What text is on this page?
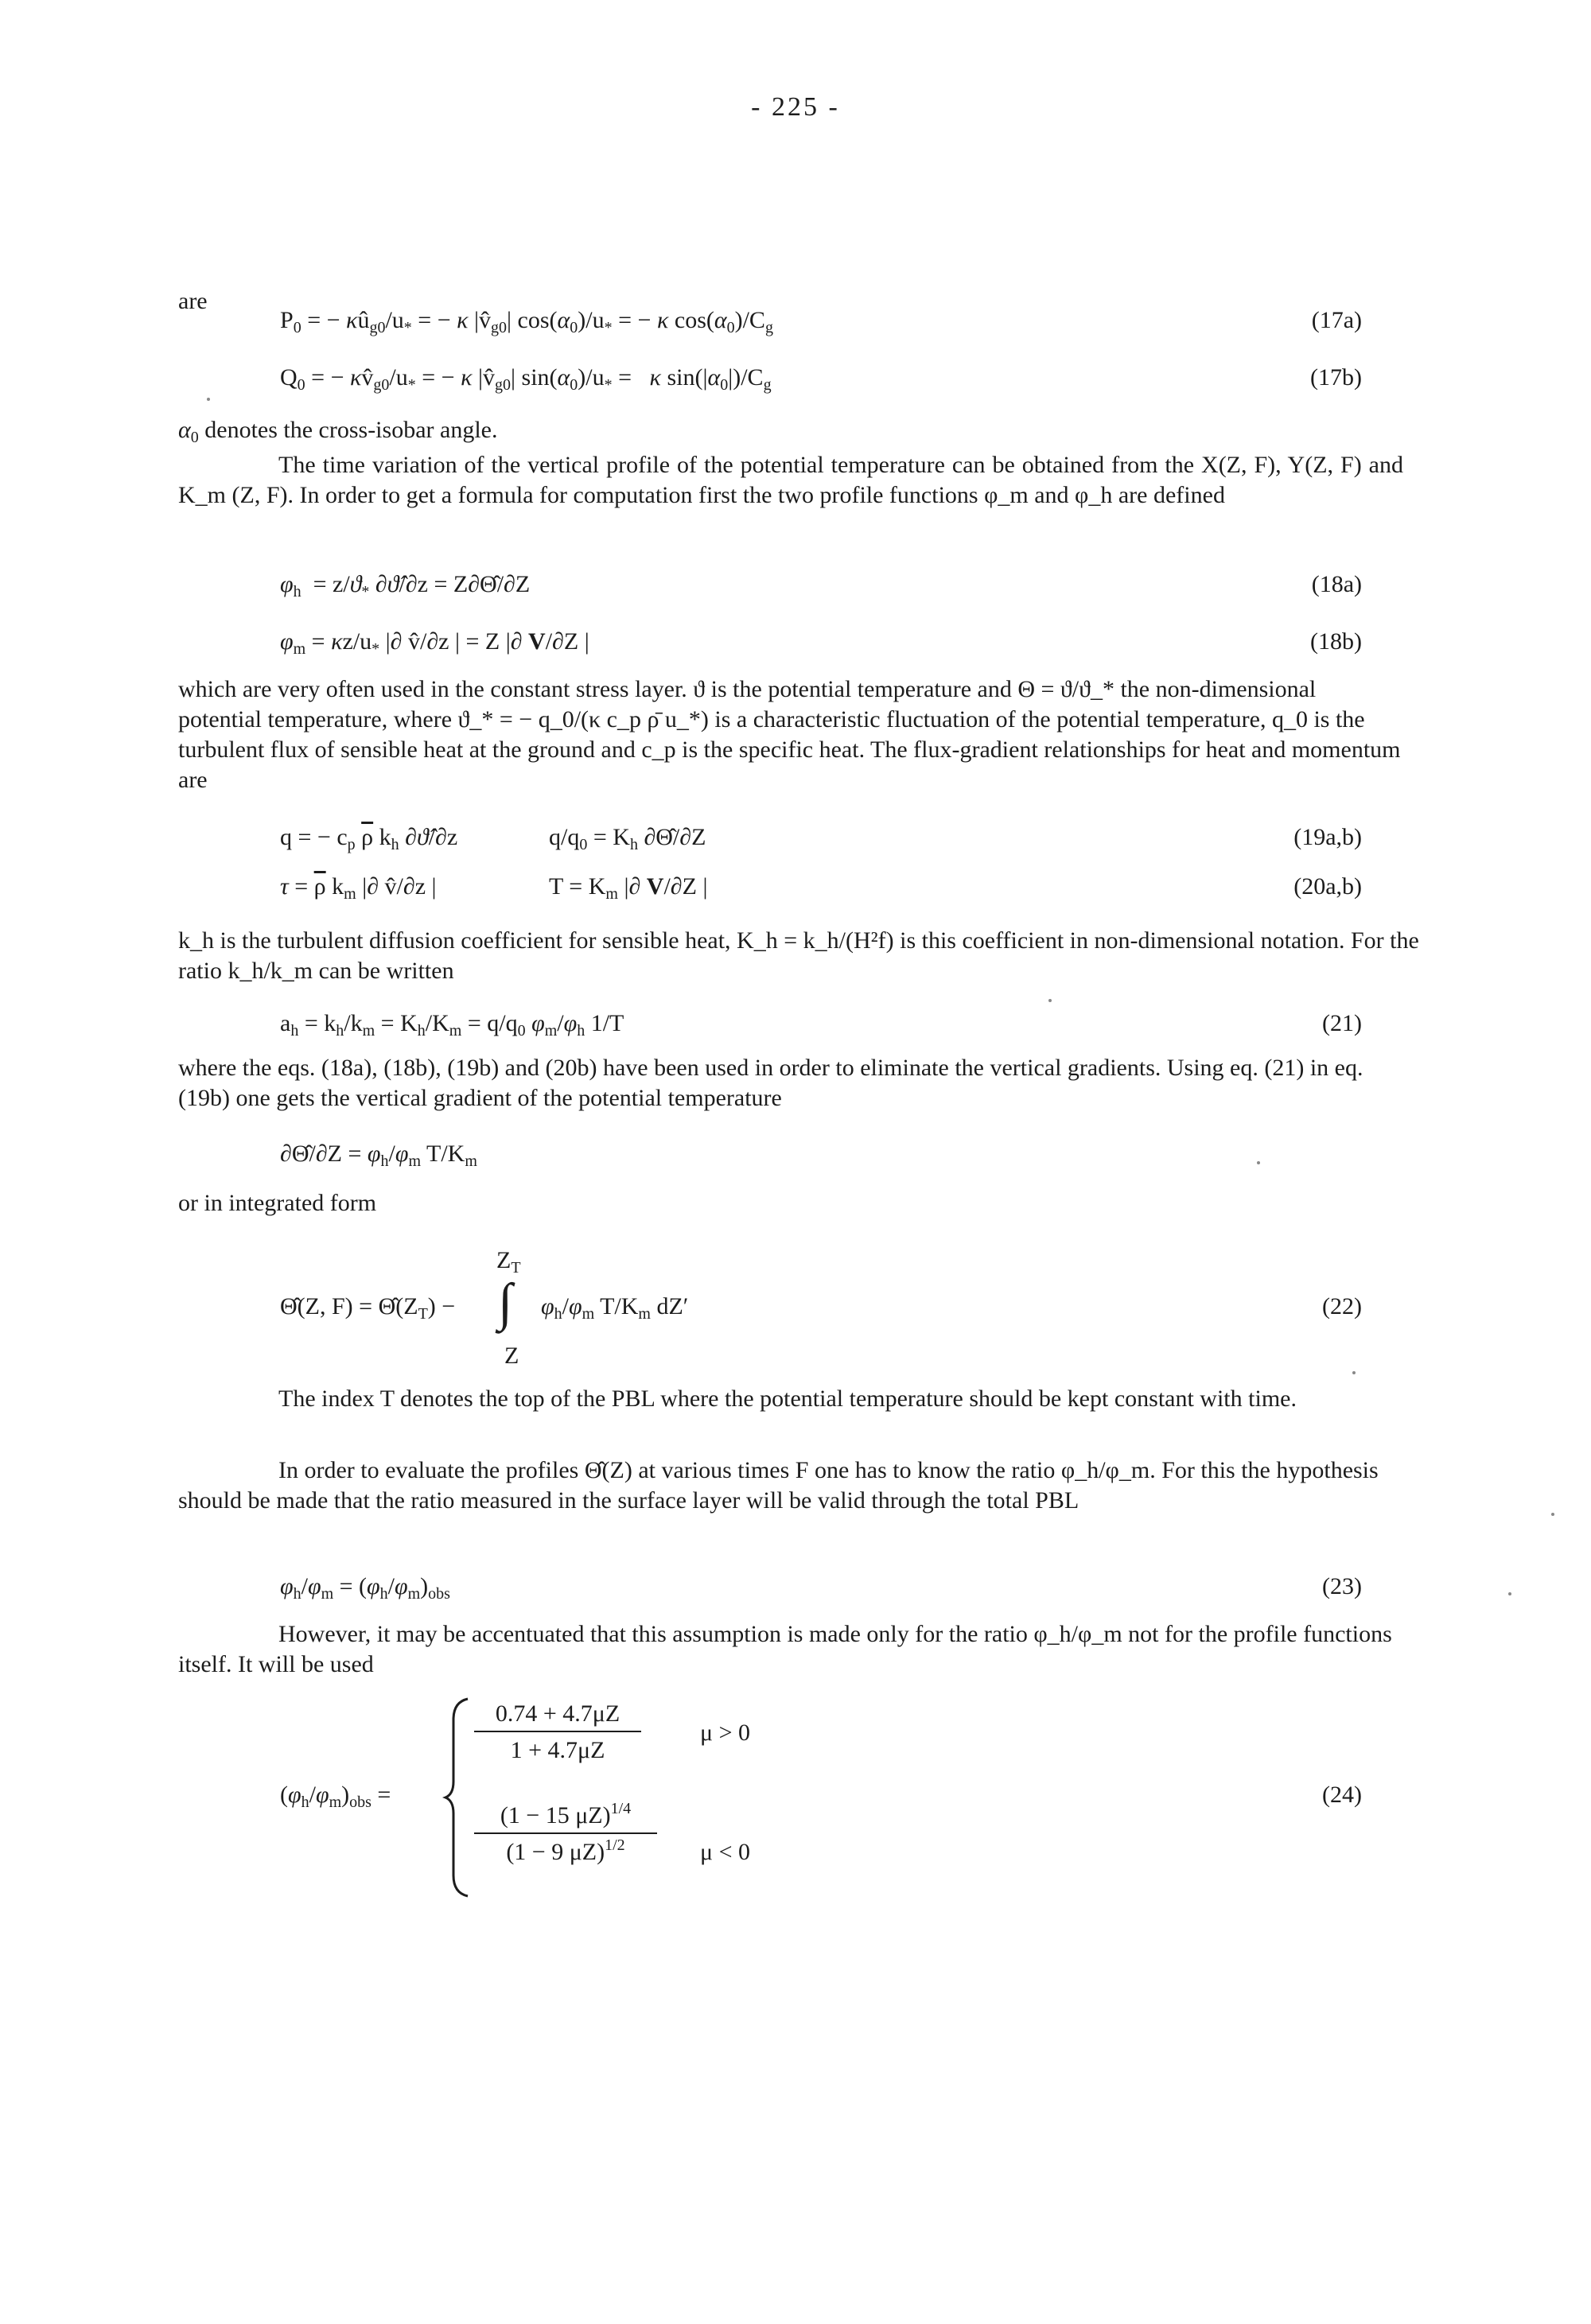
- 225 -
are
$P_0$ = − $\kappa û_{g0}/u_*$ = − κ $|v̂_{g0}|$ $\cos(\alpha_0)/u_*$ = − κ $\cos(\alpha_0)/C_g$	(17a)
$Q_0$ = − $\kappa v̂_{g0}/u_*$ = − κ $|v̂_{g0}|$ $\sin(\alpha_0)/u_* = \kappa$ $\sin(|\alpha_0|)/C_g$	(17b)
$\alpha_0$ denotes the cross-isobar angle.
The time variation of the vertical profile of the potential temperature can be obtained from the X(Z, F), Y(Z, F) and K_m (Z, F). In order to get a formula for computation first the two profile functions φ_m and φ_h are defined
$\varphi_h = z/ϑ_*$ ∂ϑ̂/∂z = Z∂Θ̂/∂Z	(18a)
$\varphi_m = \kappa z/u_*$ |∂ v̂/∂z | = Z |∂ V/∂Z |	(18b)
which are very often used in the constant stress layer. ϑ is the potential temperature and Θ = ϑ/ϑ_* the non-dimensional potential temperature, where ϑ_* = − q_0/(κ c_p ρ̄ u_*) is a characteristic fluctuation of the potential temperature, q_0 is the turbulent flux of sensible heat at the ground and c_p is the specific heat. The flux-gradient relationships for heat and momentum are
q = − $c_p$ $\overline{\rho}$ $k_h$ ∂ϑ̂/∂z	$q/q_0 = K_h$ ∂Θ̂/∂Z	(19a,b)
$\tau = \overline{\rho}$ $k_m$ |∂ v̂/∂z |	$T = K_m$ |∂ V/∂Z |	(20a,b)
k_h is the turbulent diffusion coefficient for sensible heat, K_h = k_h/(H²f) is this coefficient in non-dimensional notation. For the ratio k_h/k_m can be written
$a_h = k_h/k_m = K_h/K_m = q/q_0$ $\varphi_m/\varphi_h$ 1/T	(21)
where the eqs. (18a), (18b), (19b) and (20b) have been used in order to eliminate the vertical gradients. Using eq. (21) in eq. (19b) one gets the vertical gradient of the potential temperature
∂Θ̂/∂Z = $\varphi_h/\varphi_m$ $T/K_m$
or in integrated form
Θ̂(Z, $F) = \Thetâ(Z_T)$ −
$Z_T$
∫
Z
$\varphi_h/\varphi_m$ $T/K_m$ dZ′	(22)
The index T denotes the top of the PBL where the potential temperature should be kept constant with time.
In order to evaluate the profiles Θ̂(Z) at various times F one has to know the ratio φ_h/φ_m. For this the hypothesis should be made that the ratio measured in the surface layer will be valid through the total PBL
$\varphi_h/\varphi_m = (\varphi_h/\varphi_m)_{obs}$	(23)
However, it may be accentuated that this assumption is made only for the ratio φ_h/φ_m not for the profile functions itself. It will be used
$(\varphi_h/\varphi_m)_{obs}$ =
0.74 + 4.7μZ
1 + 4.7μZ
μ > 0
(1 − 15 μZ)$^{1/4}$
(1 − 9 μZ)$^{1/2}$	μ < 0
(24)
